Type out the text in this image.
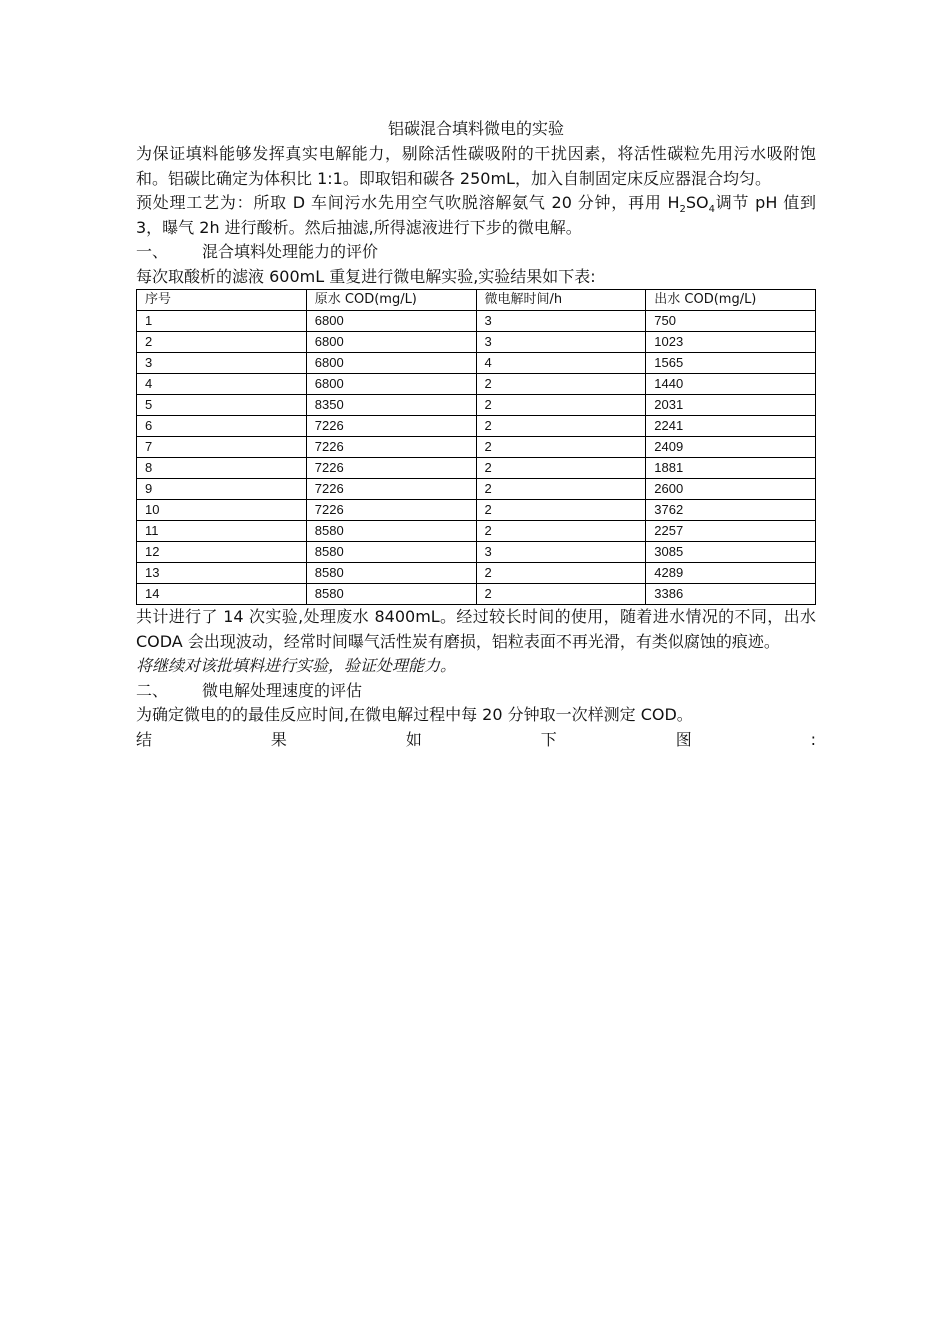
铝碳混合填料微电的实验

为保证填料能够发挥真实电解能力，剔除活性碳吸附的干扰因素，将活性碳粒先用污水吸附饱和。铝碳比确定为体积比 1:1。即取铝和碳各 250mL，加入自制固定床反应器混合均匀。

预处理工艺为：所取 D 车间污水先用空气吹脱溶解氨气 20 分钟，再用 $H_2SO_4$调节 pH 值到 3，曝气 2h 进行酸析。然后抽滤,所得滤液进行下步的微电解。

一、 混合填料处理能力的评价

每次取酸析的滤液 600mL 重复进行微电解实验,实验结果如下表:

序号	原水 COD(mg/L)	微电解时间/h	出水 COD(mg/L)
1	6800	3	750
2	6800	3	1023
3	6800	4	1565
4	6800	2	1440
5	8350	2	2031
6	7226	2	2241
7	7226	2	2409
8	7226	2	1881
9	7226	2	2600
10	7226	2	3762
11	8580	2	2257
12	8580	3	3085
13	8580	2	4289
14	8580	2	3386

共计进行了 14 次实验,处理废水 8400mL。经过较长时间的使用，随着进水情况的不同，出水 CODA 会出现波动，经常时间曝气活性炭有磨损，铝粒表面不再光滑，有类似腐蚀的痕迹。

将继续对该批填料进行实验，验证处理能力。

二、 微电解处理速度的评估

为确定微电的的最佳反应时间,在微电解过程中每 20 分钟取一次样测定 COD。

结	果	如	下	图	:
